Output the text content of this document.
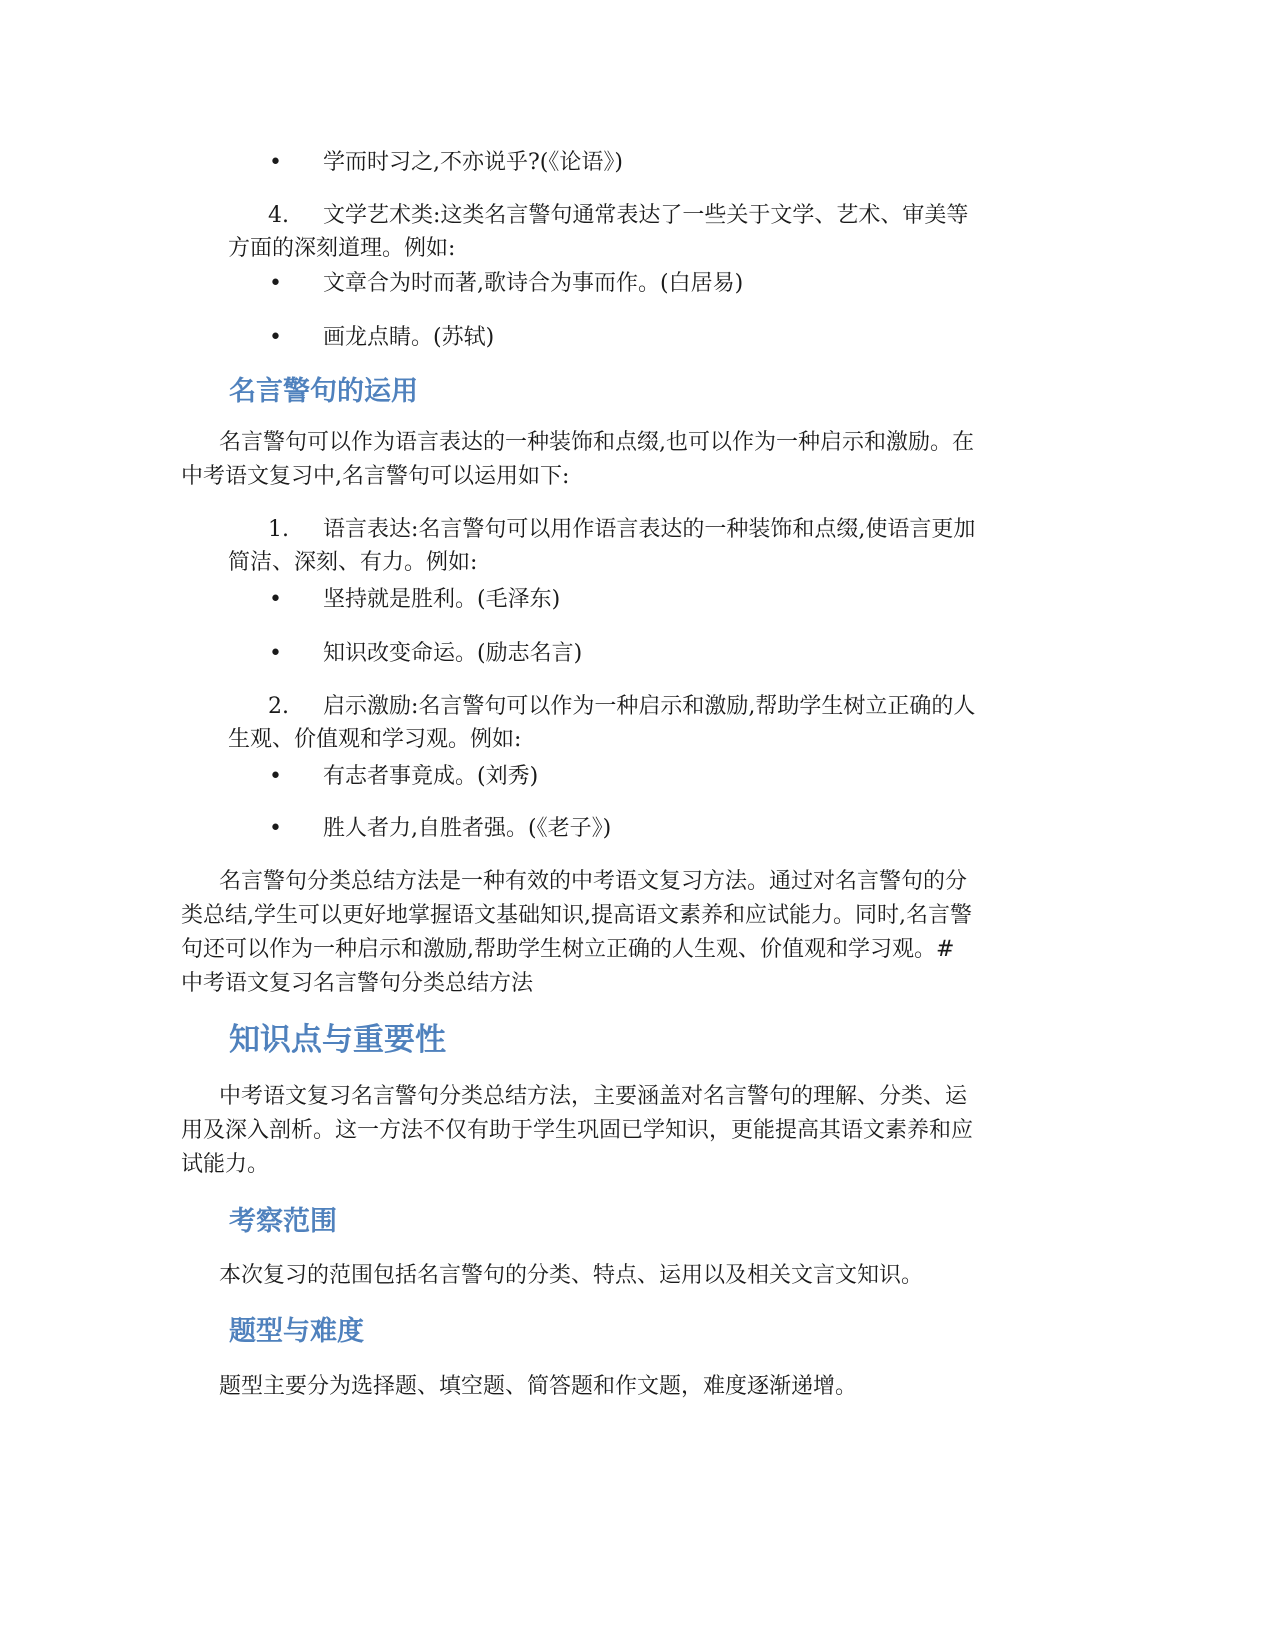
• 学而时习之,不亦说乎?(《论语》)
4. 文学艺术类:这类名言警句通常表达了一些关于文学、艺术、审美等
方面的深刻道理。例如:
• 文章合为时而著,歌诗合为事而作。(白居易)
• 画龙点睛。(苏轼)
名言警句的运用
名言警句可以作为语言表达的一种装饰和点缀,也可以作为一种启示和激励。在
中考语文复习中,名言警句可以运用如下:
1. 语言表达:名言警句可以用作语言表达的一种装饰和点缀,使语言更加
简洁、深刻、有力。例如:
• 坚持就是胜利。(毛泽东)
• 知识改变命运。(励志名言)
2. 启示激励:名言警句可以作为一种启示和激励,帮助学生树立正确的人
生观、价值观和学习观。例如:
• 有志者事竟成。(刘秀)
• 胜人者力,自胜者强。(《老子》)
名言警句分类总结方法是一种有效的中考语文复习方法。通过对名言警句的分
类总结,学生可以更好地掌握语文基础知识,提高语文素养和应试能力。同时,名言警
句还可以作为一种启示和激励,帮助学生树立正确的人生观、价值观和学习观。#
中考语文复习名言警句分类总结方法
知识点与重要性
中考语文复习名言警句分类总结方法，主要涵盖对名言警句的理解、分类、运
用及深入剖析。这一方法不仅有助于学生巩固已学知识，更能提高其语文素养和应
试能力。
考察范围
本次复习的范围包括名言警句的分类、特点、运用以及相关文言文知识。
题型与难度
题型主要分为选择题、填空题、简答题和作文题，难度逐渐递增。
